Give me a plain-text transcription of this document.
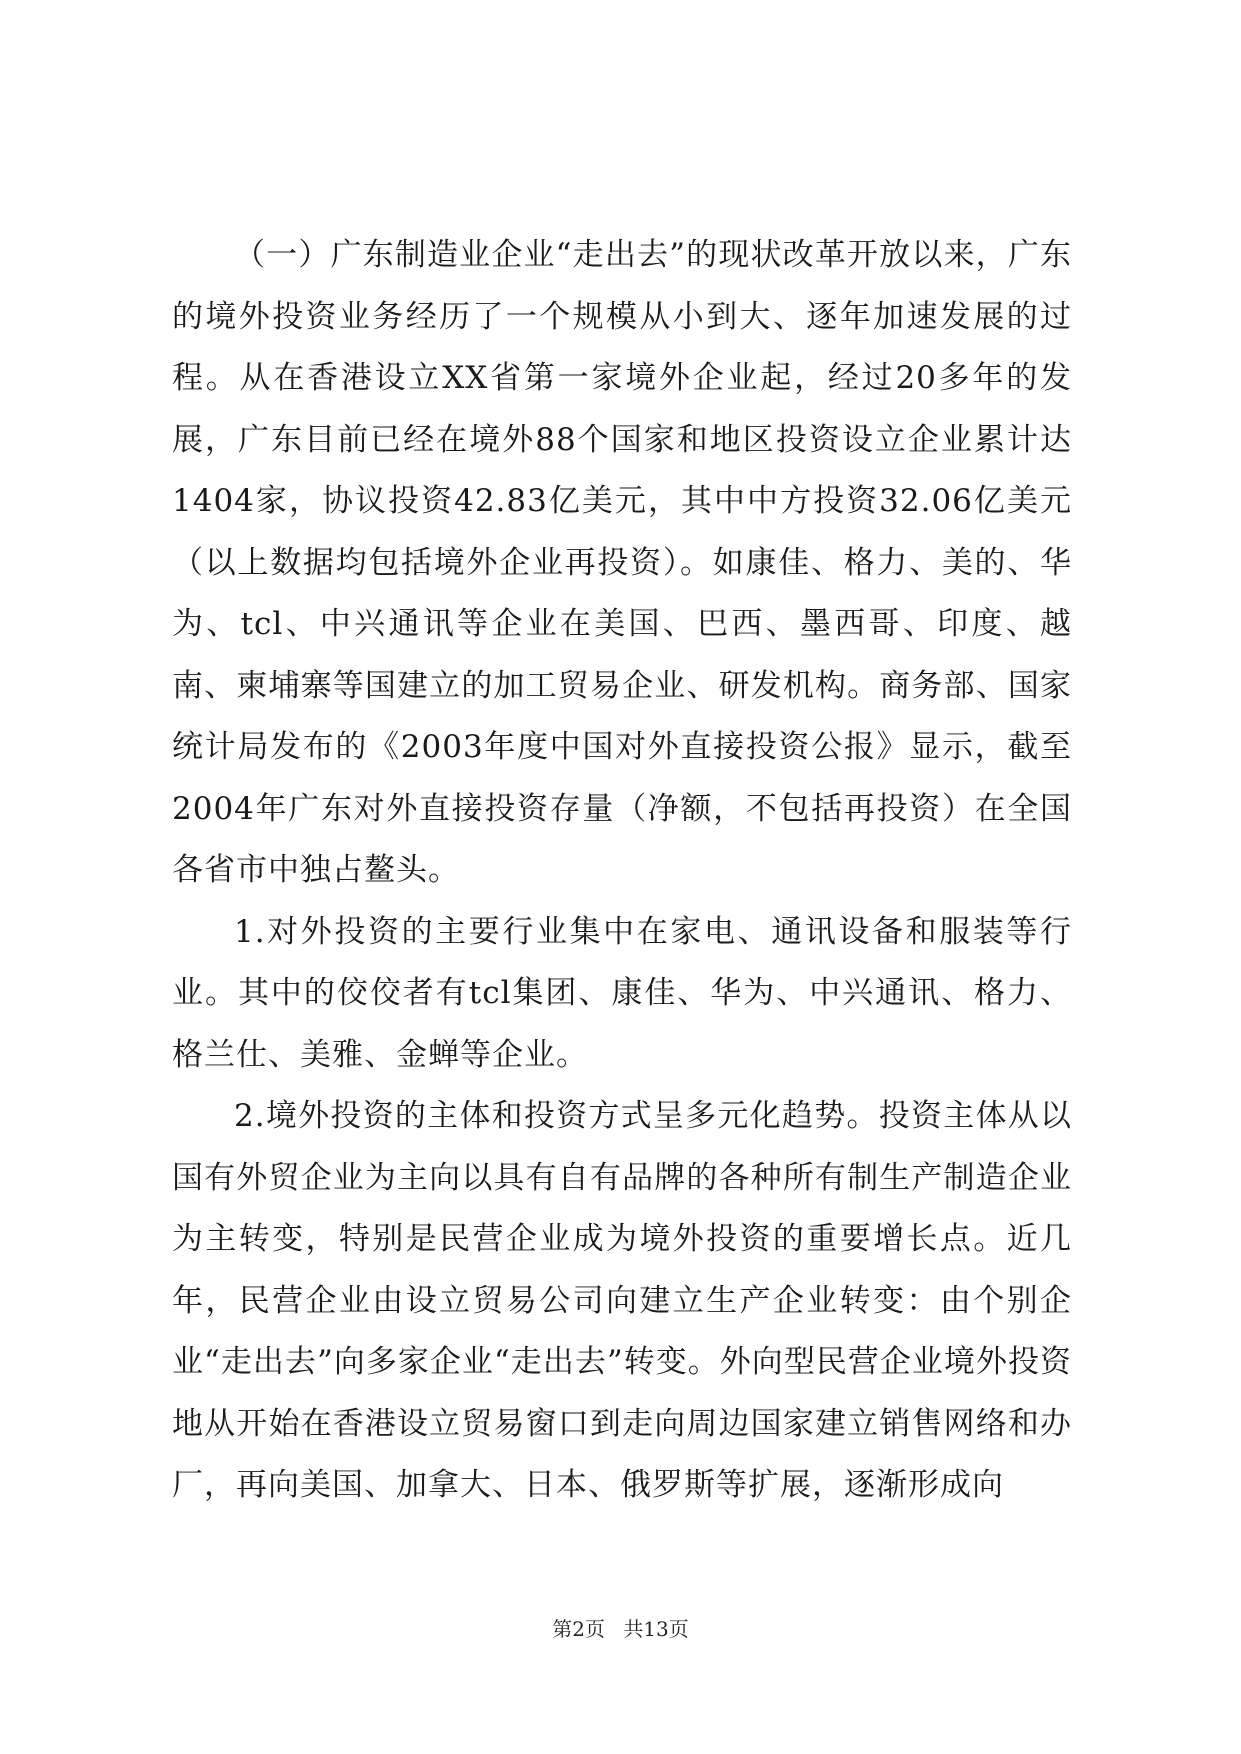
（一）广东制造业企业“走出去”的现状改革开放以来，广东的境外投资业务经历了一个规模从小到大、逐年加速发展的过程。从在香港设立XX省第一家境外企业起，经过20多年的发展，广东目前已经在境外88个国家和地区投资设立企业累计达1404家，协议投资42.83亿美元，其中中方投资32.06亿美元（以上数据均包括境外企业再投资）。如康佳、格力、美的、华为、tcl、中兴通讯等企业在美国、巴西、墨西哥、印度、越南、柬埔寨等国建立的加工贸易企业、研发机构。商务部、国家统计局发布的《2003年度中国对外直接投资公报》显示，截至2004年广东对外直接投资存量（净额，不包括再投资）在全国各省市中独占鳌头。

1.对外投资的主要行业集中在家电、通讯设备和服装等行业。其中的佼佼者有tcl集团、康佳、华为、中兴通讯、格力、格兰仕、美雅、金蝉等企业。

2.境外投资的主体和投资方式呈多元化趋势。投资主体从以国有外贸企业为主向以具有自有品牌的各种所有制生产制造企业为主转变，特别是民营企业成为境外投资的重要增长点。近几年，民营企业由设立贸易公司向建立生产企业转变：由个别企业“走出去”向多家企业“走出去”转变。外向型民营企业境外投资地从开始在香港设立贸易窗口到走向周边国家建立销售网络和办厂，再向美国、加拿大、日本、俄罗斯等扩展，逐渐形成向

第2页 共13页
